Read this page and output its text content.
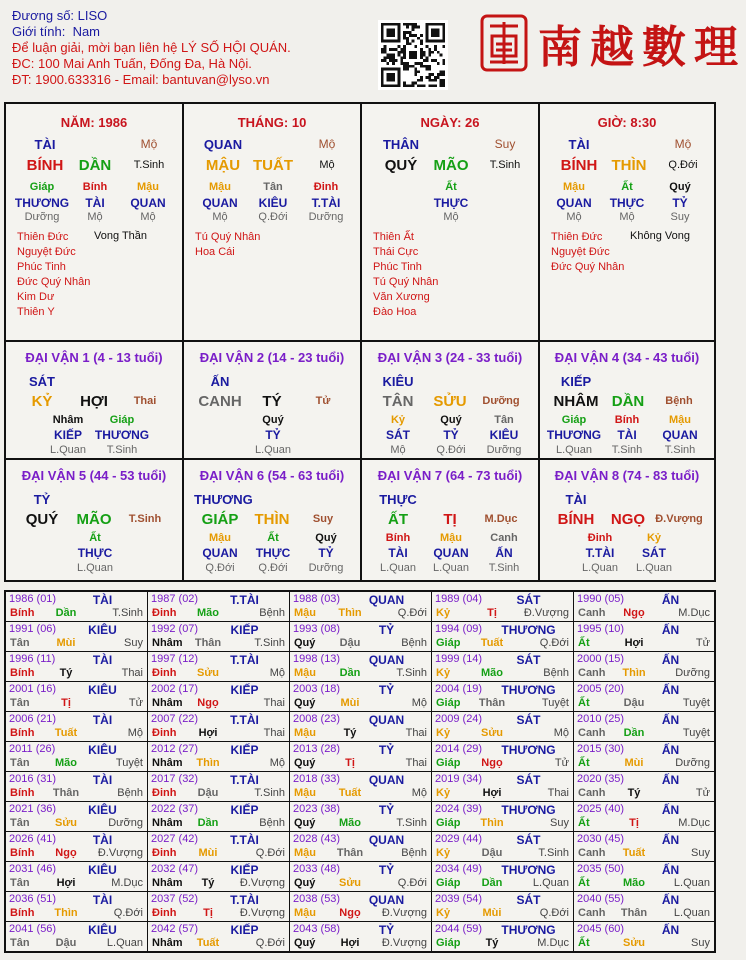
Đương số: LISO
Giới tính: Nam
Để luận giải, mời bạn liên hệ LÝ SỐ HỘI QUÁN.
ĐC: 100 Mai Anh Tuấn, Đống Đa, Hà Nội.
ĐT: 1900.633316 - Email: bantuvan@lyso.vn
南越數理
NĂM: 1986
TÀI	Mộ
BÍNH	DẦN	T.Sinh
Giáp	Bính	Mậu
THƯƠNG	TÀI	QUAN
Dưỡng	Mộ	Mộ
Thiên Đức
Nguyệt Đức
Phúc Tinh
Đức Quý Nhân
Kim Dư
Thiên Y
Vong Thần
THÁNG: 10
QUAN	Mộ
MẬU TUẤT	Mộ
Mậu	Tân	Đinh
QUAN	KIÊU	T.TÀI
Mộ	Q.Đới	Dưỡng
Tú Quý Nhân
Hoa Cái
NGÀY: 26
THÂN	Suy
QUÝ	MÃO	T.Sinh
Ất
THỰC
Mộ
Thiên Ất
Thái Cực
Phúc Tinh
Tú Quý Nhân
Văn Xương
Đào Hoa
GIỜ: 8:30
TÀI	Mộ
BÍNH THÌN	Q.Đới
Mậu	Ất	Quý
QUAN	THỰC	TỶ
Mộ	Mộ	Suy
Thiên Đức
Nguyệt Đức
Đức Quý Nhân
Không Vong
ĐẠI VẬN 1 (4 - 13 tuổi)
SÁT
KỶ	HỢI	Thai
Nhâm	Giáp
KIẾP	THƯƠNG
L.Quan	T.Sinh
ĐẠI VẬN 2 (14 - 23 tuổi)
ẤN
CANH	TÝ	Tử
Quý
TỶ
L.Quan
ĐẠI VẬN 3 (24 - 33 tuổi)
KIÊU
TÂN	SỬU	Dưỡng
Kỷ	Quý	Tân
SÁT	TỶ	KIÊU
Mộ	Q.Đới	Dưỡng
ĐẠI VẬN 4 (34 - 43 tuổi)
KIẾP
NHÂM DẦN	Bệnh
Giáp	Bính	Mậu
THƯƠNG	TÀI	QUAN
L.Quan	T.Sinh	T.Sinh
ĐẠI VẬN 5 (44 - 53 tuổi)
TỶ
QUÝ	MÃO	T.Sinh
Ất
THỰC
L.Quan
ĐẠI VẬN 6 (54 - 63 tuổi)
THƯƠNG
GIÁP	THÌN	Suy
Mậu	Ất	Quý
QUAN	THỰC	TỶ
Q.Đới	Q.Đới	Dưỡng
ĐẠI VẬN 7 (64 - 73 tuổi)
THỰC
ẤT	TỊ	M.Dục
Bính	Mậu	Canh
TÀI	QUAN	ẤN
L.Quan	L.Quan	T.Sinh
ĐẠI VẬN 8 (74 - 83 tuổi)
TÀI
BÍNH	NGỌ Đ.Vượng
Đinh	Kỷ
T.TÀI	SÁT
L.Quan	L.Quan
1986 (01)	TÀI
Bính	Dần	T.Sinh
1987 (02)	T.TÀI
Đinh	Mão	Bệnh
1988 (03)	QUAN
Mậu	Thìn	Q.Đới
1989 (04)	SÁT
Kỷ	Tị	Đ.Vượng
1990 (05)	ẤN
Canh	Ngọ	M.Dục
1991 (06)	KIÊU
Tân	Mùi	Suy
1992 (07)	KIẾP
Nhâm	Thân	T.Sinh
1993 (08)	TỶ
Quý	Dậu	Bệnh
1994 (09)	THƯƠNG
Giáp	Tuất	Q.Đới
1995 (10)	ẤN
Ất	Hợi	Tử
1996 (11)	TÀI
Bính	Tý	Thai
1997 (12)	T.TÀI
Đinh	Sửu	Mộ
1998 (13)	QUAN
Mậu	Dần	T.Sinh
1999 (14)	SÁT
Kỷ	Mão	Bệnh
2000 (15)	ẤN
Canh	Thìn	Dưỡng
2001 (16)	KIÊU
Tân	Tị	Tử
2002 (17)	KIẾP
Nhâm	Ngọ	Thai
2003 (18)	TỶ
Quý	Mùi	Mộ
2004 (19)	THƯƠNG
Giáp	Thân	Tuyệt
2005 (20)	ẤN
Ất	Dậu	Tuyệt
2006 (21)	TÀI
Bính	Tuất	Mộ
2007 (22)	T.TÀI
Đinh	Hợi	Thai
2008 (23)	QUAN
Mậu	Tý	Thai
2009 (24)	SÁT
Kỷ	Sửu	Mộ
2010 (25)	ẤN
Canh	Dần	Tuyệt
2011 (26)	KIÊU
Tân	Mão	Tuyệt
2012 (27)	KIẾP
Nhâm	Thìn	Mộ
2013 (28)	TỶ
Quý	Tị	Thai
2014 (29)	THƯƠNG
Giáp	Ngọ	Tử
2015 (30)	ẤN
Ất	Mùi	Dưỡng
2016 (31)	TÀI
Bính	Thân	Bệnh
2017 (32)	T.TÀI
Đinh	Dậu	T.Sinh
2018 (33)	QUAN
Mậu	Tuất	Mộ
2019 (34)	SÁT
Kỷ	Hợi	Thai
2020 (35)	ẤN
Canh	Tý	Tử
2021 (36)	KIÊU
Tân	Sửu	Dưỡng
2022 (37)	KIẾP
Nhâm	Dần	Bệnh
2023 (38)	TỶ
Quý	Mão	T.Sinh
2024 (39)	THƯƠNG
Giáp	Thìn	Suy
2025 (40)	ẤN
Ất	Tị	M.Dục
2026 (41)	TÀI
Bính	Ngọ	Đ.Vượng
2027 (42)	T.TÀI
Đinh	Mùi	Q.Đới
2028 (43)	QUAN
Mậu	Thân	Bệnh
2029 (44)	SÁT
Kỷ	Dậu	T.Sinh
2030 (45)	ẤN
Canh	Tuất	Suy
2031 (46)	KIÊU
Tân	Hợi	M.Dục
2032 (47)	KIẾP
Nhâm	Tý	Đ.Vượng
2033 (48)	TỶ
Quý	Sửu	Q.Đới
2034 (49)	THƯƠNG
Giáp	Dần	L.Quan
2035 (50)	ẤN
Ất	Mão	L.Quan
2036 (51)	TÀI
Bính	Thìn	Q.Đới
2037 (52)	T.TÀI
Đinh	Tị	Đ.Vượng
2038 (53)	QUAN
Mậu	Ngọ	Đ.Vượng
2039 (54)	SÁT
Kỷ	Mùi	Q.Đới
2040 (55)	ẤN
Canh	Thân	L.Quan
2041 (56)	KIÊU
Tân	Dậu	L.Quan
2042 (57)	KIẾP
Nhâm	Tuất	Q.Đới
2043 (58)	TỶ
Quý	Hợi	Đ.Vượng
2044 (59)	THƯƠNG
Giáp	Tý	M.Dục
2045 (60)	ẤN
Ất	Sửu	Suy
